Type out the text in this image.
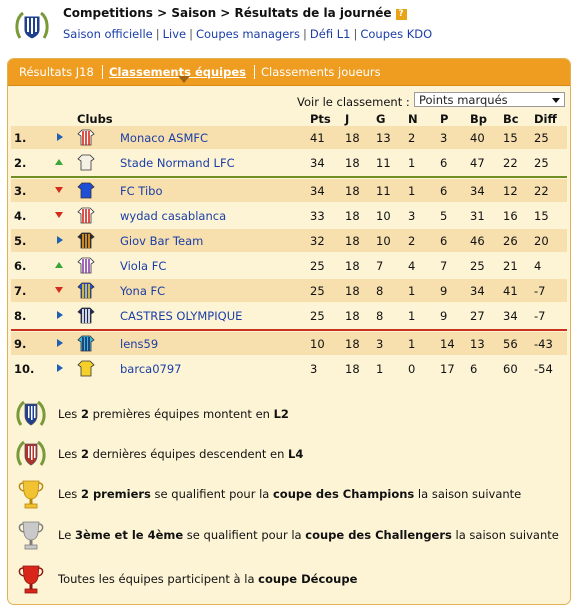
Competitions > Saison > Résultats de la journée ?
Saison officielle | Live | Coupes managers | Défi L1 | Coupes KDO
Résultats J18 Classements équipes Classements joueurs
Voir le classement : Points marqués
Clubs	Pts J G N P Bp Bc Diff
1.	Monaco ASMFC	41 18 13 2 3 40 15 25
2.	Stade Normand LFC	34 18 11 1 6 47 22 25
3.	FC Tibo	34 18 11 1 6 34 12 22
4.	wydad casablanca	33 18 10 3 5 31 16 15
5.	Giov Bar Team	32 18 10 2 6 46 26 20
6.	Viola FC	25 18 7 4 7 25 21 4
7.	Yona FC	25 18 8 1 9 34 41 -7
8.	CASTRES OLYMPIQUE	25 18 8 1 9 27 34 -7
9.	lens59	10 18 3 1 14 13 56 -43
10.	barca0797	3 18 1 0 17 6 60 -54
Les 2 premières équipes montent en L2
Les 2 dernières équipes descendent en L4
Les 2 premiers se qualifient pour la coupe des Champions la saison suivante
Le 3ème et le 4ème se qualifient pour la coupe des Challengers la saison suivante
Toutes les équipes participent à la coupe Découpe
